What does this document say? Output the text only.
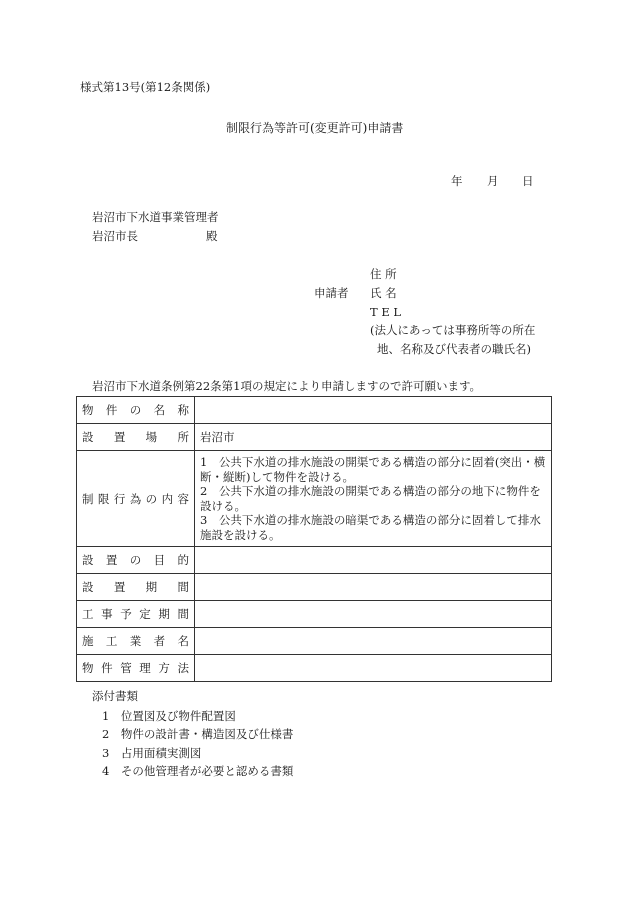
様式第13号(第12条関係)
制限行為等許可(変更許可)申請書
年 月 日
岩沼市下水道事業管理者
岩沼市長	殿
住 所
申請者 氏 名
T E L
(法人にあっては事務所等の所在
地、名称及び代表者の職氏名)
岩沼市下水道条例第22条第1項の規定により申請しますので許可願います。
物件の名称	
設置場所	岩沼市
制限行為の内容	1　公共下水道の排水施設の開渠である構造の部分に固着(突出・横断・縦断)して物件を設ける。
2　公共下水道の排水施設の開渠である構造の部分の地下に物件を設ける。
3　公共下水道の排水施設の暗渠である構造の部分に固着して排水施設を設ける。

設置の目的	
設置期間	
工事予定期間	
施工業者名	
物件管理方法	
添付書類
1　位置図及び物件配置図
2　物件の設計書・構造図及び仕様書
3　占用面積実測図
4　その他管理者が必要と認める書類
